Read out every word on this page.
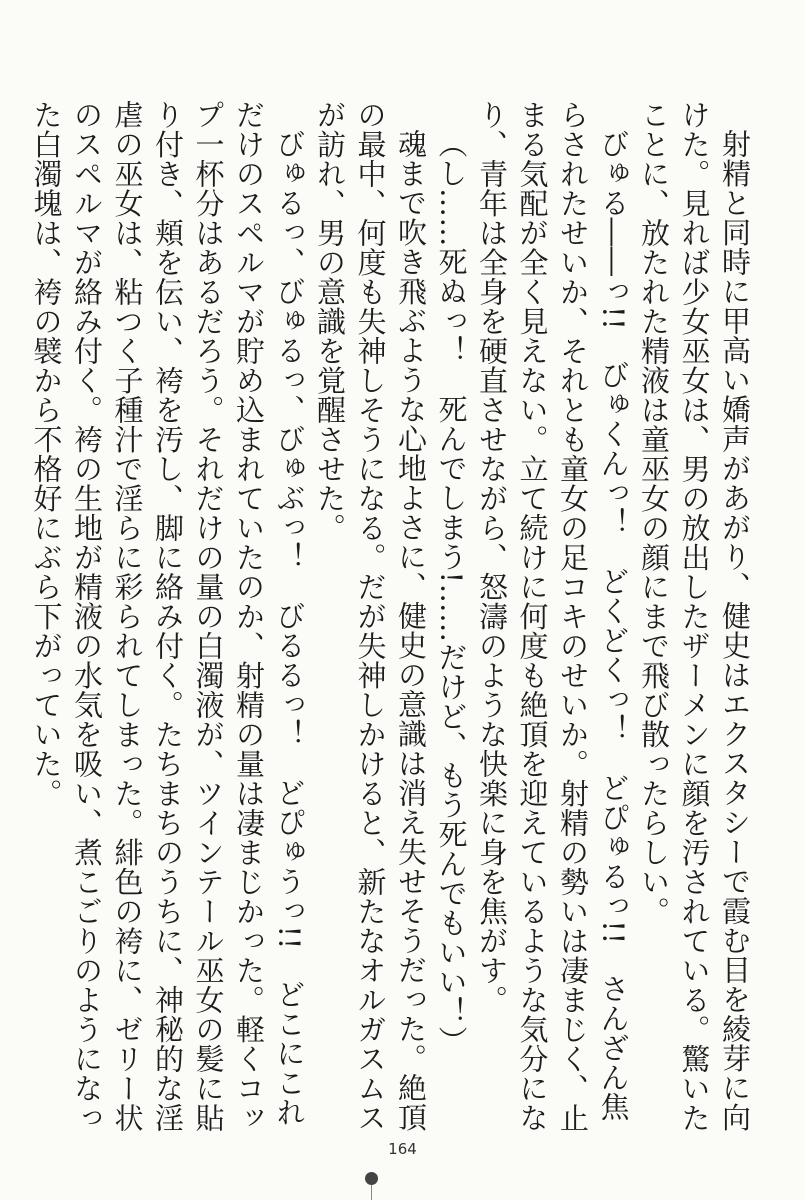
射精と同時に甲高い嬌声があがり、健史はエクスタシーで霞む目を綾芽に向けた。見れば少女巫女は、男の放出したザーメンに顔を汚されている。驚いたことに、放たれた精液は童巫女の顔にまで飛び散ったらしい。

びゅる――っ!!　びゅくんっ！　どくどくっ！　どぴゅるっ!!　さんざん焦らされたせいか、それとも童女の足コキのせいか。射精の勢いは凄まじく、止まる気配が全く見えない。立て続けに何度も絶頂を迎えているような気分になり、青年は全身を硬直させながら、怒濤のような快楽に身を焦がす。

（し……死ぬっ！　死んでしまう!……だけど、もう死んでもいい！）

魂まで吹き飛ぶような心地よさに、健史の意識は消え失せそうだった。絶頂の最中、何度も失神しそうになる。だが失神しかけると、新たなオルガスムスが訪れ、男の意識を覚醒させた。

びゅるっ、びゅるっ、びゅぶっ！　びるるっ！　どぴゅうっ!!　どこにこれだけのスペルマが貯め込まれていたのか、射精の量は凄まじかった。軽くコップ一杯分はあるだろう。それだけの量の白濁液が、ツインテール巫女の髪に貼り付き、頬を伝い、袴を汚し、脚に絡み付く。たちまちのうちに、神秘的な淫虐の巫女は、粘つく子種汁で淫らに彩られてしまった。緋色の袴に、ゼリー状のスペルマが絡み付く。袴の生地が精液の水気を吸い、煮こごりのようになった白濁塊は、袴の襞から不格好にぶら下がっていた。

164
